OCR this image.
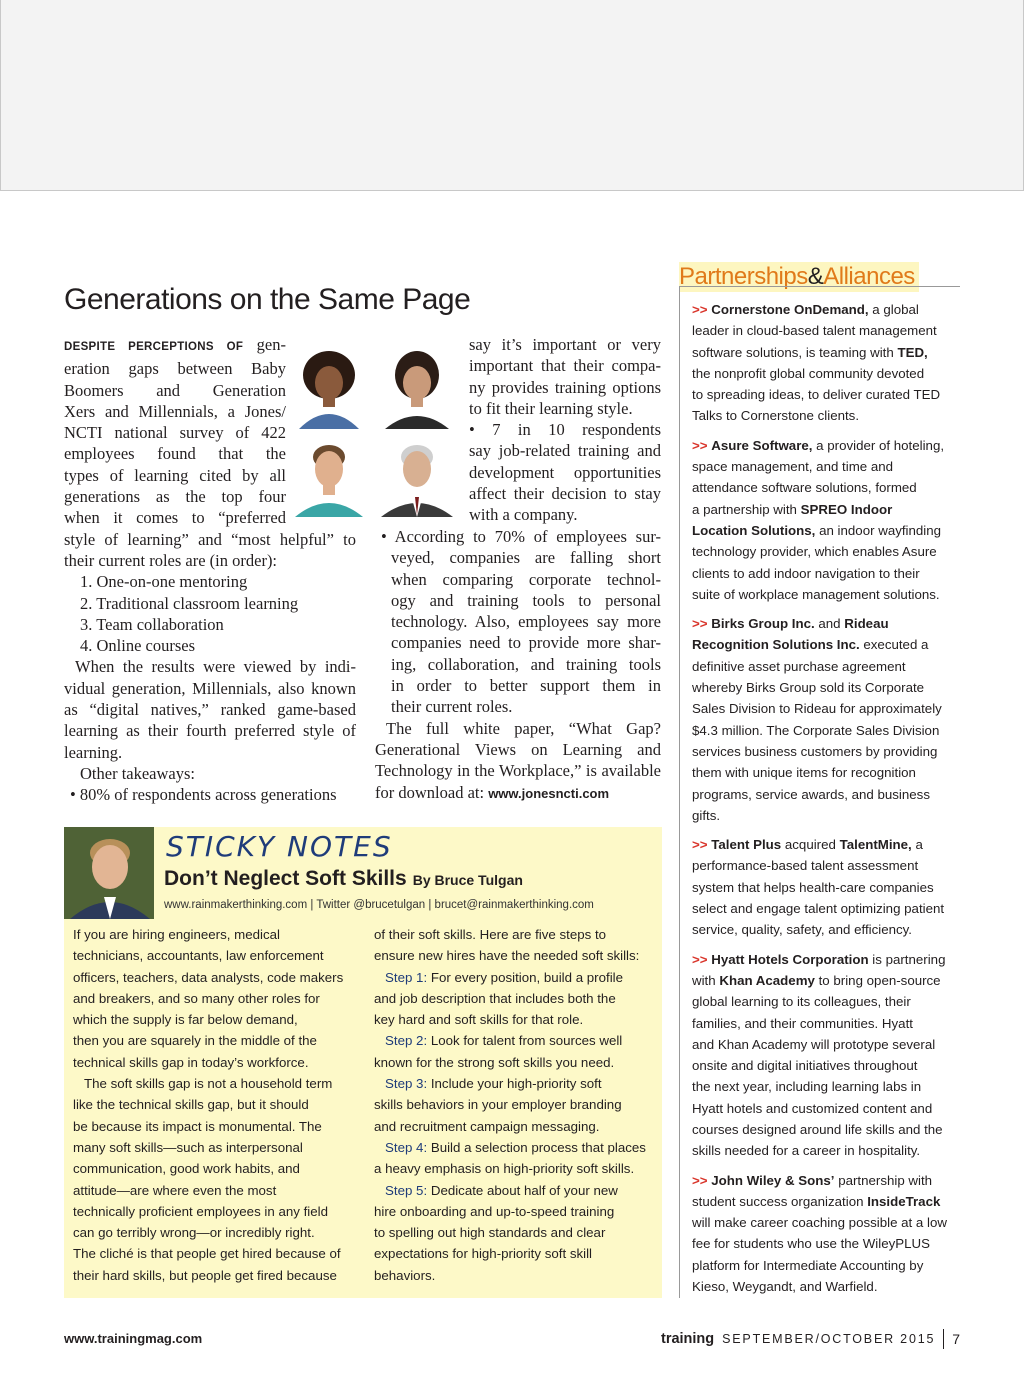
Generations on the Same Page
DESPITE PERCEPTIONS OF gen-
eration gaps between Baby
Boomers and Generation
Xers and Millennials, a Jones/
NCTI national survey of 422
employees found that the
types of learning cited by all
generations as the top four
when it comes to “preferred
style of learning” and “most helpful” to
their current roles are (in order):
1. One-on-one mentoring
2. Traditional classroom learning
3. Team collaboration
4. Online courses
When the results were viewed by indi-
vidual generation, Millennials, also known
as “digital natives,” ranked game-based
learning as their fourth preferred style of
learning.
Other takeaways:
• 80% of respondents across generations
say it’s important or very
important that their compa-
ny provides training options
to fit their learning style.
• 7 in 10 respondents
say job-related training and
development opportunities
affect their decision to stay
with a company.
• According to 70% of employees sur-
veyed, companies are falling short
when comparing corporate technol-
ogy and training tools to personal
technology. Also, employees say more
companies need to provide more shar-
ing, collaboration, and training tools
in order to better support them in
their current roles.
The full white paper, “What Gap?
Generational Views on Learning and
Technology in the Workplace,” is available
for download at: www.jonesncti.com
STICKY NOTES
Don’t Neglect Soft Skills By Bruce Tulgan
www.rainmakerthinking.com | Twitter @brucetulgan | brucet@rainmakerthinking.com
If you are hiring engineers, medical
technicians, accountants, law enforcement
officers, teachers, data analysts, code makers
and breakers, and so many other roles for
which the supply is far below demand,
then you are squarely in the middle of the
technical skills gap in today’s workforce.
The soft skills gap is not a household term
like the technical skills gap, but it should
be because its impact is monumental. The
many soft skills—such as interpersonal
communication, good work habits, and
attitude—are where even the most
technically proficient employees in any field
can go terribly wrong—or incredibly right.
The cliché is that people get hired because of
their hard skills, but people get fired because
of their soft skills. Here are five steps to
ensure new hires have the needed soft skills:
Step 1: For every position, build a profile
and job description that includes both the
key hard and soft skills for that role.
Step 2: Look for talent from sources well
known for the strong soft skills you need.
Step 3: Include your high-priority soft
skills behaviors in your employer branding
and recruitment campaign messaging.
Step 4: Build a selection process that places
a heavy emphasis on high-priority soft skills.
Step 5: Dedicate about half of your new
hire onboarding and up-to-speed training
to spelling out high standards and clear
expectations for high-priority soft skill
behaviors.
Partnerships&Alliances
>> Cornerstone OnDemand, a global
leader in cloud-based talent management
software solutions, is teaming with TED,
the nonprofit global community devoted
to spreading ideas, to deliver curated TED
Talks to Cornerstone clients.
>> Asure Software, a provider of hoteling,
space management, and time and
attendance software solutions, formed
a partnership with SPREO Indoor
Location Solutions, an indoor wayfinding
technology provider, which enables Asure
clients to add indoor navigation to their
suite of workplace management solutions.
>> Birks Group Inc. and Rideau
Recognition Solutions Inc. executed a
definitive asset purchase agreement
whereby Birks Group sold its Corporate
Sales Division to Rideau for approximately
$4.3 million. The Corporate Sales Division
services business customers by providing
them with unique items for recognition
programs, service awards, and business
gifts.
>> Talent Plus acquired TalentMine, a
performance-based talent assessment
system that helps health-care companies
select and engage talent optimizing patient
service, quality, safety, and efficiency.
>> Hyatt Hotels Corporation is partnering
with Khan Academy to bring open-source
global learning to its colleagues, their
families, and their communities. Hyatt
and Khan Academy will prototype several
onsite and digital initiatives throughout
the next year, including learning labs in
Hyatt hotels and customized content and
courses designed around life skills and the
skills needed for a career in hospitality.
>> John Wiley & Sons’ partnership with
student success organization InsideTrack
will make career coaching possible at a low
fee for students who use the WileyPLUS
platform for Intermediate Accounting by
Kieso, Weygandt, and Warfield.
www.trainingmag.com	training SEPTEMBER/OCTOBER 2015 7
